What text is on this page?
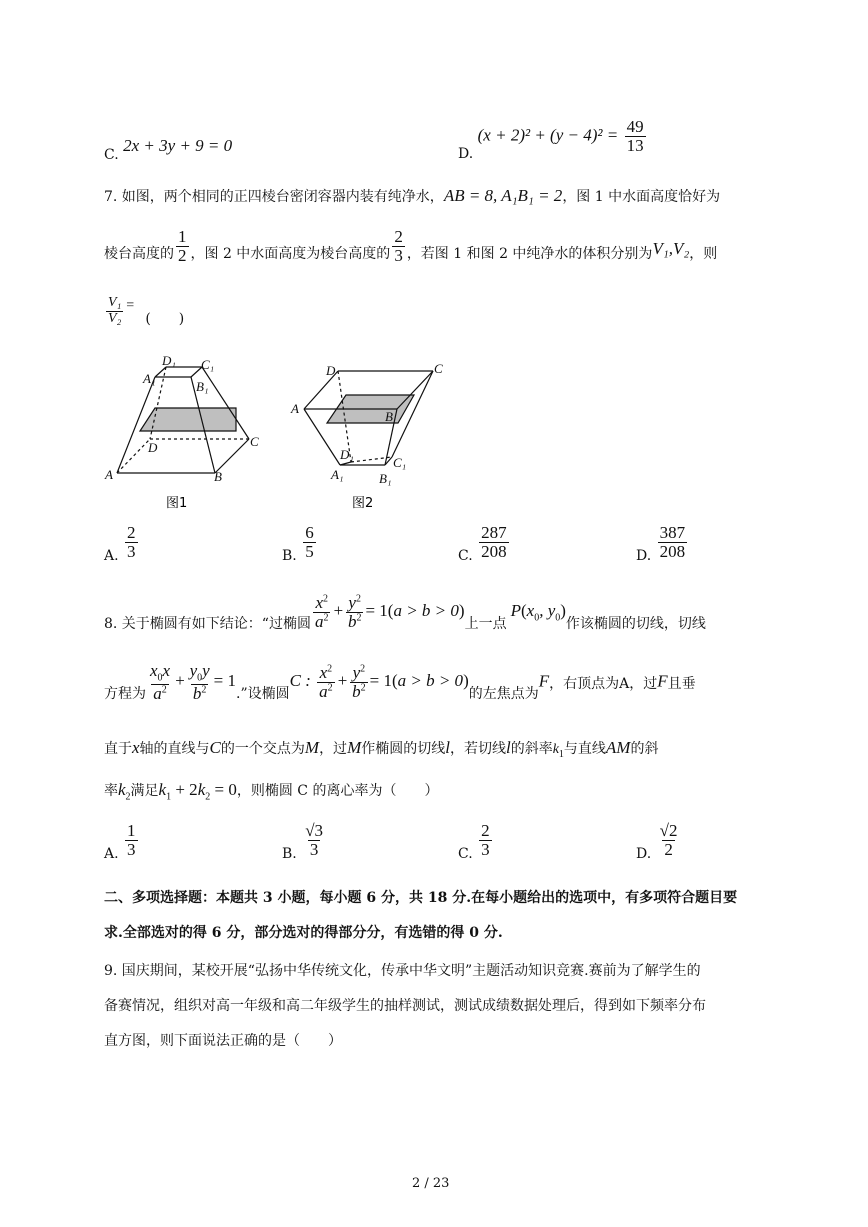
C. 2x + 3y + 9 = 0	D. $(x + 2)^2 + (y - 4)^2 = \frac{49}{13}$
7. 如图，两个相同的正四棱台密闭容器内装有纯净水，AB = 8, A₁B₁ = 2，图 1 中水面高度恰好为
棱台高度的 $\frac{1}{2}$ ，图 2 中水面高度为棱台高度的 $\frac{2}{3}$ ，若图 1 和图 2 中纯净水的体积分别为V₁,V₂，则
$\frac{\text{V₁}}{\text{V₂}}$ = (　　)
D₁ C₁
A₁
B₁
D	C
A	B
图1
D	C
A
B
D₁
C₁
A₁	B₁
图2
A. $\frac{2}{3}$	B. $\frac{6}{5}$	C. $\frac{287}{208}$	D. $\frac{387}{208}$
8. 关于椭圆有如下结论：“过椭圆 $\frac{x^2}{a^2} + \frac{y^2}{b^2} = 1(a > b > 0)$上一点$P(x_0$, $y_0$)作该椭圆的切线，切线
方程为 $\frac{x_0x}{a^2} + \frac{y_0y}{b^2} = 1$.”设椭圆C : $\frac{x^2}{a^2} + \frac{y^2}{b^2} = 1(a > b > 0)$的左焦点为F，右顶点为A，过F且垂
直于x轴的直线与C的一个交点为M，过M作椭圆的切线l，若切线l的斜率$k_1$与直线AM的斜
率$k_2$满足$k_1 + 2k_2 = 0$，则椭圆 C 的离心率为（　　）
A. $\frac{1}{3}$	B. $\frac{√3}{3}$	C. $\frac{2}{3}$	D. $\frac{√2}{2}$
二、多项选择题：本题共 3 小题，每小题 6 分，共 18 分.在每小题给出的选项中，有多项符合题目要
求.全部选对的得 6 分，部分选对的得部分分，有选错的得 0 分.
9. 国庆期间，某校开展“弘扬中华传统文化，传承中华文明”主题活动知识竞赛.赛前为了解学生的
备赛情况，组织对高一年级和高二年级学生的抽样测试，测试成绩数据处理后，得到如下频率分布
直方图，则下面说法正确的是（　　）
2 / 23
